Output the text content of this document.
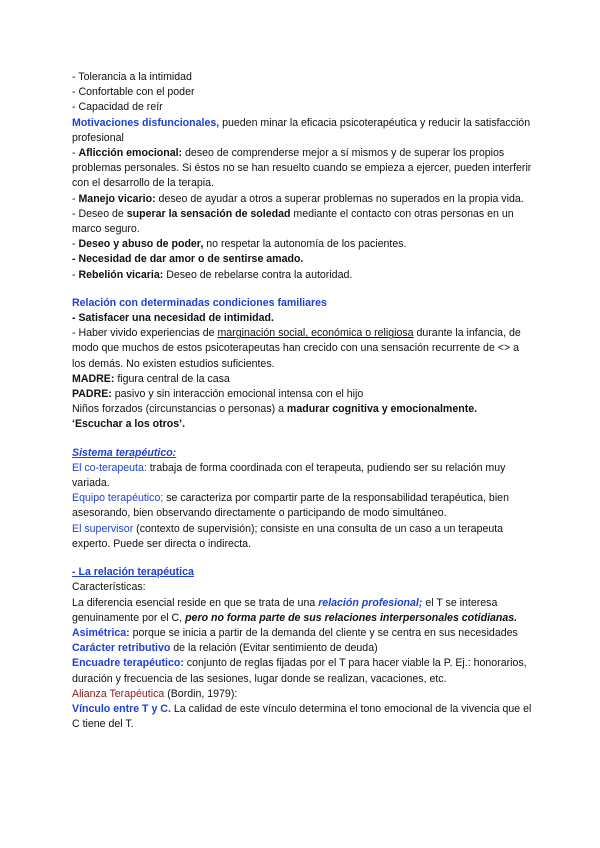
- Tolerancia a la intimidad

- Confortable con el poder

- Capacidad de reír

Motivaciones disfuncionales, pueden minar la eficacia psicoterapéutica y reducir la satisfacción profesional

- Aflicción emocional: deseo de comprenderse mejor a sí mismos y de superar los propios problemas personales. Si éstos no se han resuelto cuando se empieza a ejercer, pueden interferir con el desarrollo de la terapia.

- Manejo vicario: deseo de ayudar a otros a superar problemas no superados en la propia vida.

- Deseo de superar la sensación de soledad mediante el contacto con otras personas en un marco seguro.

- Deseo y abuso de poder, no respetar la autonomía de los pacientes.

- Necesidad de dar amor o de sentirse amado.

- Rebelión vicaria: Deseo de rebelarse contra la autoridad.

Relación con determinadas condiciones familiares

- Satisfacer una necesidad de intimidad.

- Haber vivido experiencias de marginación social, económica o religiosa durante la infancia, de modo que muchos de estos psicoterapeutas han crecido con una sensación recurrente de <> a los demás. No existen estudios suficientes.

MADRE: figura central de la casa

PADRE: pasivo y sin interacción emocional intensa con el hijo

Niños forzados (circunstancias o personas) a madurar cognitiva y emocionalmente.

‘Escuchar a los otros’.

Sistema terapéutico:

El co-terapeuta: trabaja de forma coordinada con el terapeuta, pudiendo ser su relación muy variada.

Equipo terapéutico; se caracteriza por compartir parte de la responsabilidad terapéutica, bien asesorando, bien observando directamente o participando de modo simultáneo.

El supervisor (contexto de supervisión); consiste en una consulta de un caso a un terapeuta experto. Puede ser directa o indirecta.

- La relación terapéutica

Características:

La diferencia esencial reside en que se trata de una relación profesional; el T se interesa genuinamente por el C, pero no forma parte de sus relaciones interpersonales cotidianas.

Asimétrica: porque se inicia a partir de la demanda del cliente y se centra en sus necesidades

Carácter retributivo de la relación (Evitar sentimiento de deuda)

Encuadre terapéutico: conjunto de reglas fijadas por el T para hacer viable la P. Ej.: honorarios, duración y frecuencia de las sesiones, lugar donde se realizan, vacaciones, etc.

Alianza Terapéutica (Bordin, 1979):

Vínculo entre T y C. La calidad de este vínculo determina el tono emocional de la vivencia que el C tiene del T.
